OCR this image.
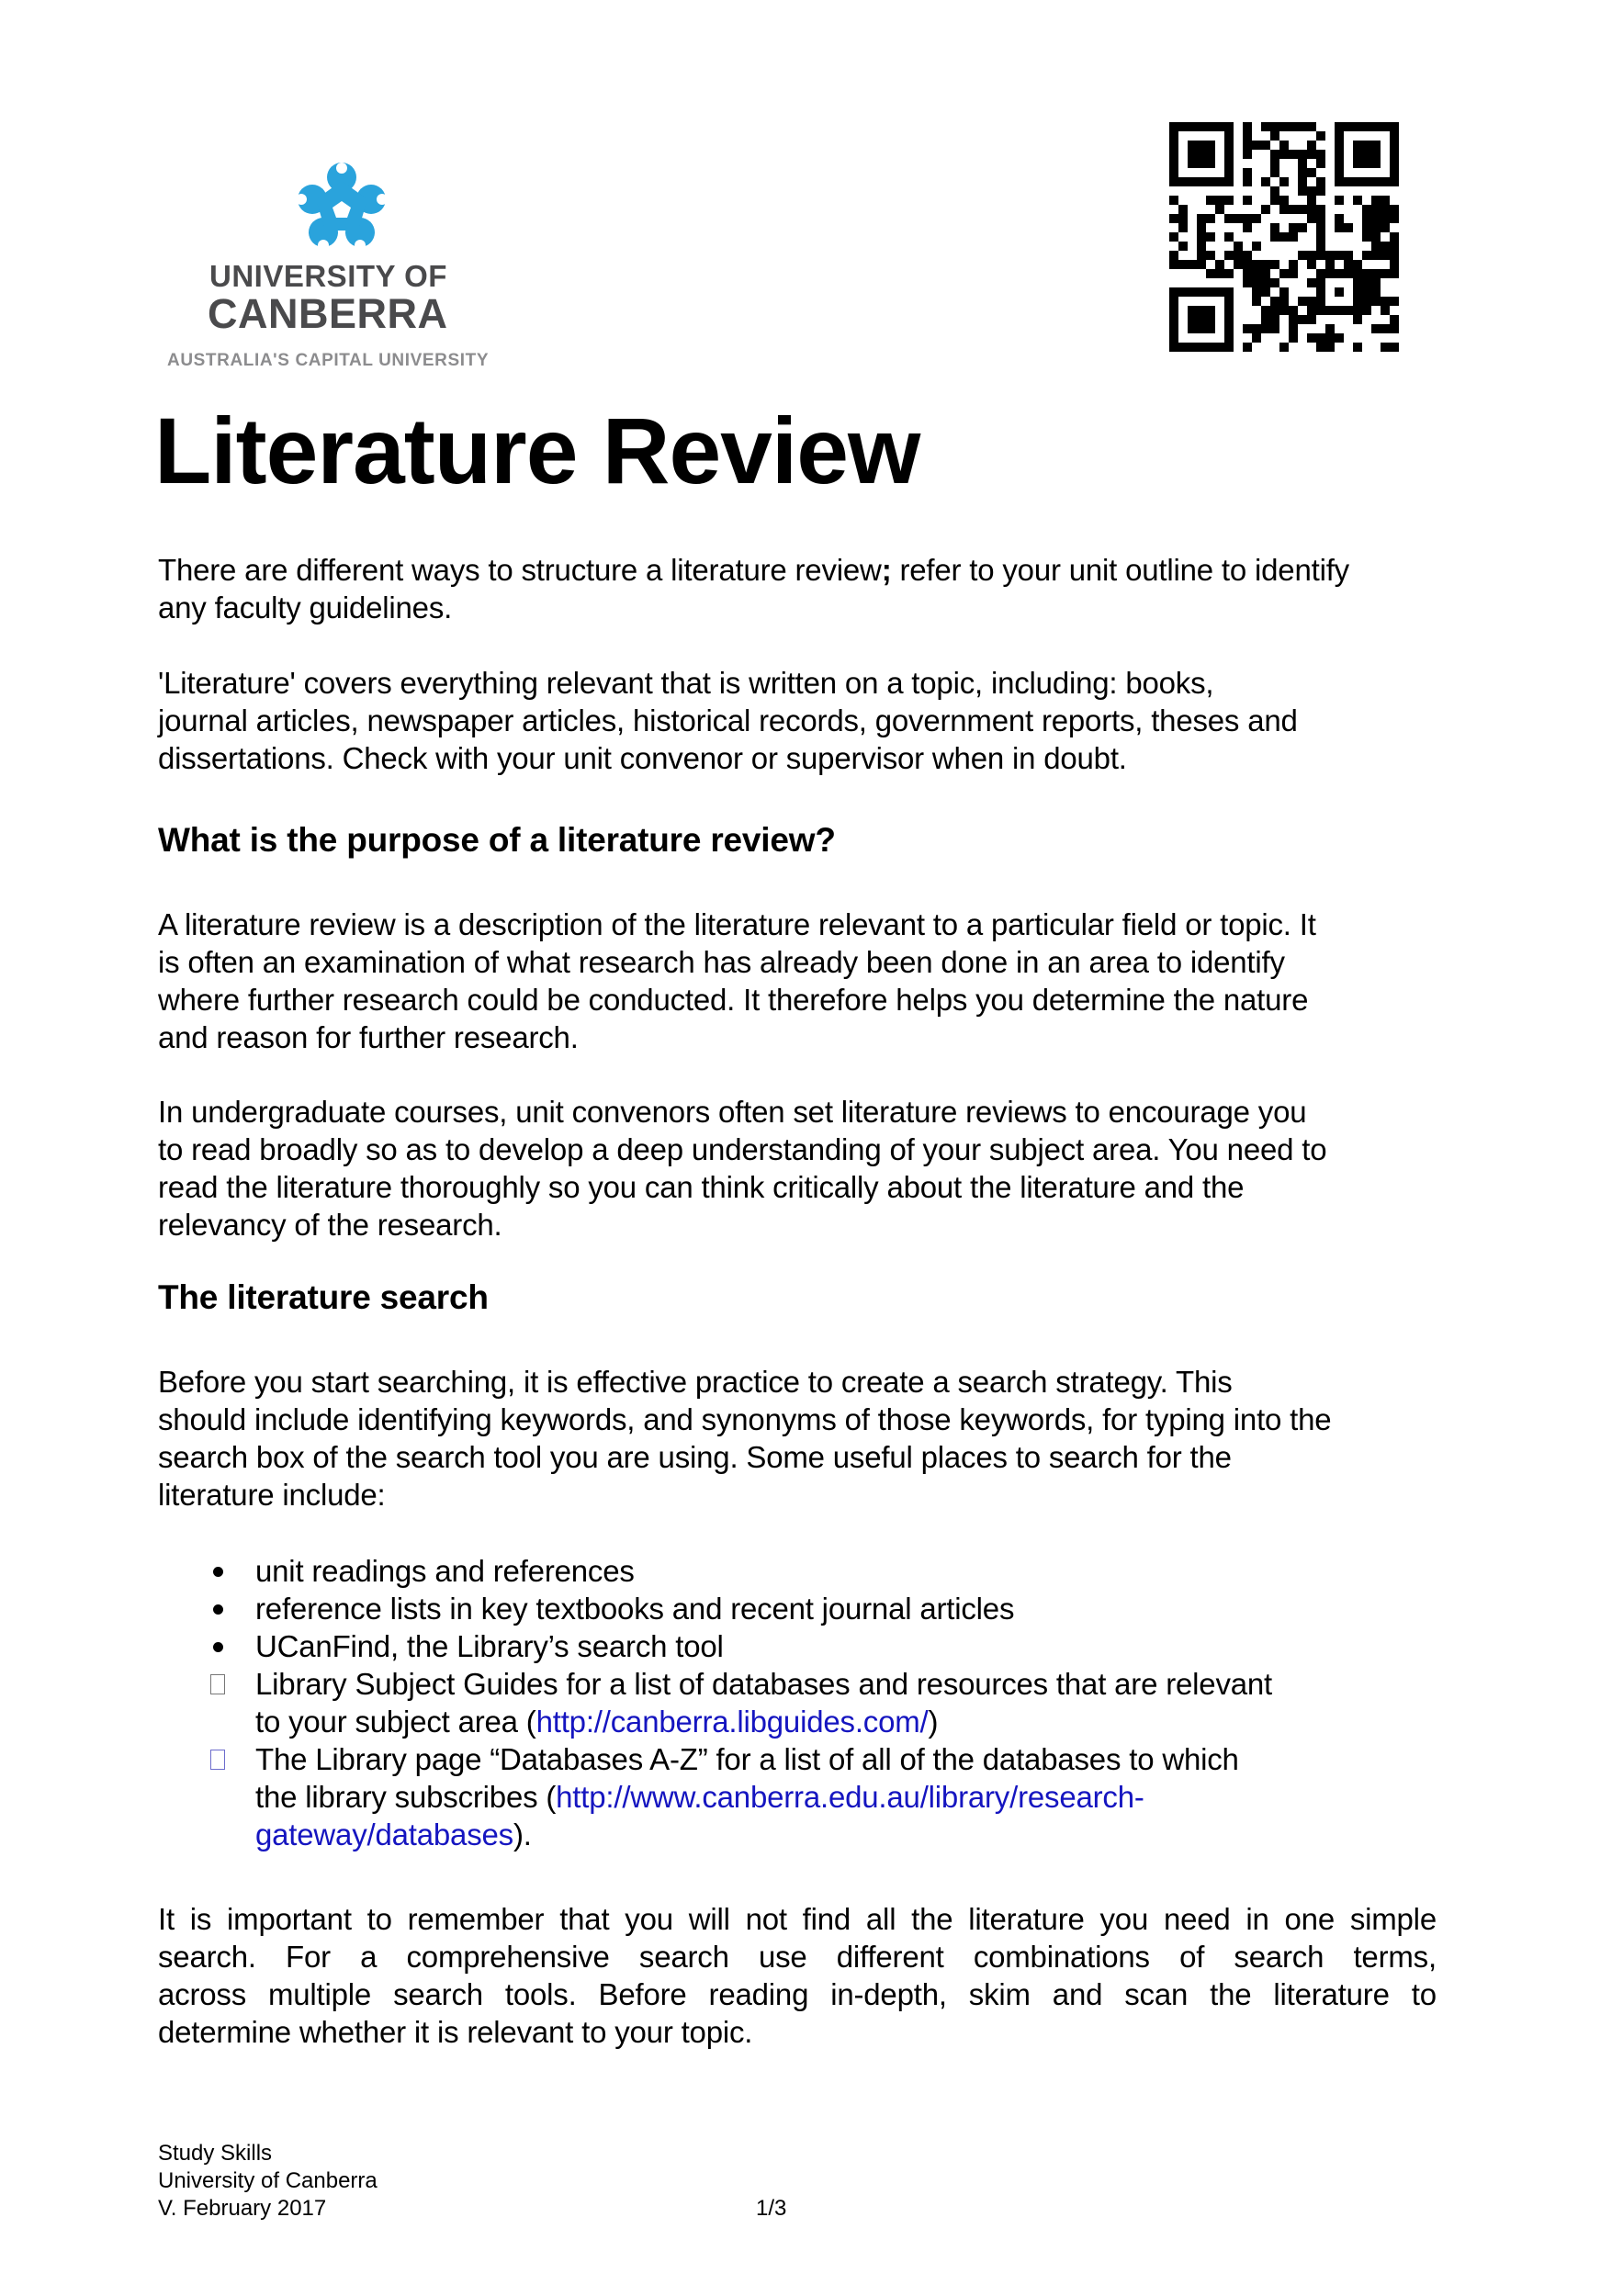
UNIVERSITY OF
CANBERRA
AUSTRALIA'S CAPITAL UNIVERSITY
Literature Review

There are different ways to structure a literature review; refer to your unit outline to identify
any faculty guidelines.

'Literature' covers everything relevant that is written on a topic, including: books,
journal articles, newspaper articles, historical records, government reports, theses and
dissertations. Check with your unit convenor or supervisor when in doubt.

What is the purpose of a literature review?

A literature review is a description of the literature relevant to a particular field or topic. It
is often an examination of what research has already been done in an area to identify
where further research could be conducted. It therefore helps you determine the nature
and reason for further research.

In undergraduate courses, unit convenors often set literature reviews to encourage you
to read broadly so as to develop a deep understanding of your subject area. You need to
read the literature thoroughly so you can think critically about the literature and the
relevancy of the research.

The literature search

Before you start searching, it is effective practice to create a search strategy. This
should include identifying keywords, and synonyms of those keywords, for typing into the
search box of the search tool you are using. Some useful places to search for the
literature include:

unit readings and references
reference lists in key textbooks and recent journal articles
UCanFind, the Library’s search tool
Library Subject Guides for a list of databases and resources that are relevant
to your subject area (http://canberra.libguides.com/)
The Library page “Databases A-Z” for a list of all of the databases to which
the library subscribes (http://www.canberra.edu.au/library/research-
gateway/databases).

It is important to remember that you will not find all the literature you need in one simple
search. For a comprehensive search use different combinations of search terms,
across multiple search tools. Before reading in-depth, skim and scan the literature to
determine whether it is relevant to your topic.

Study Skills
University of Canberra
V. February 2017	1/3
